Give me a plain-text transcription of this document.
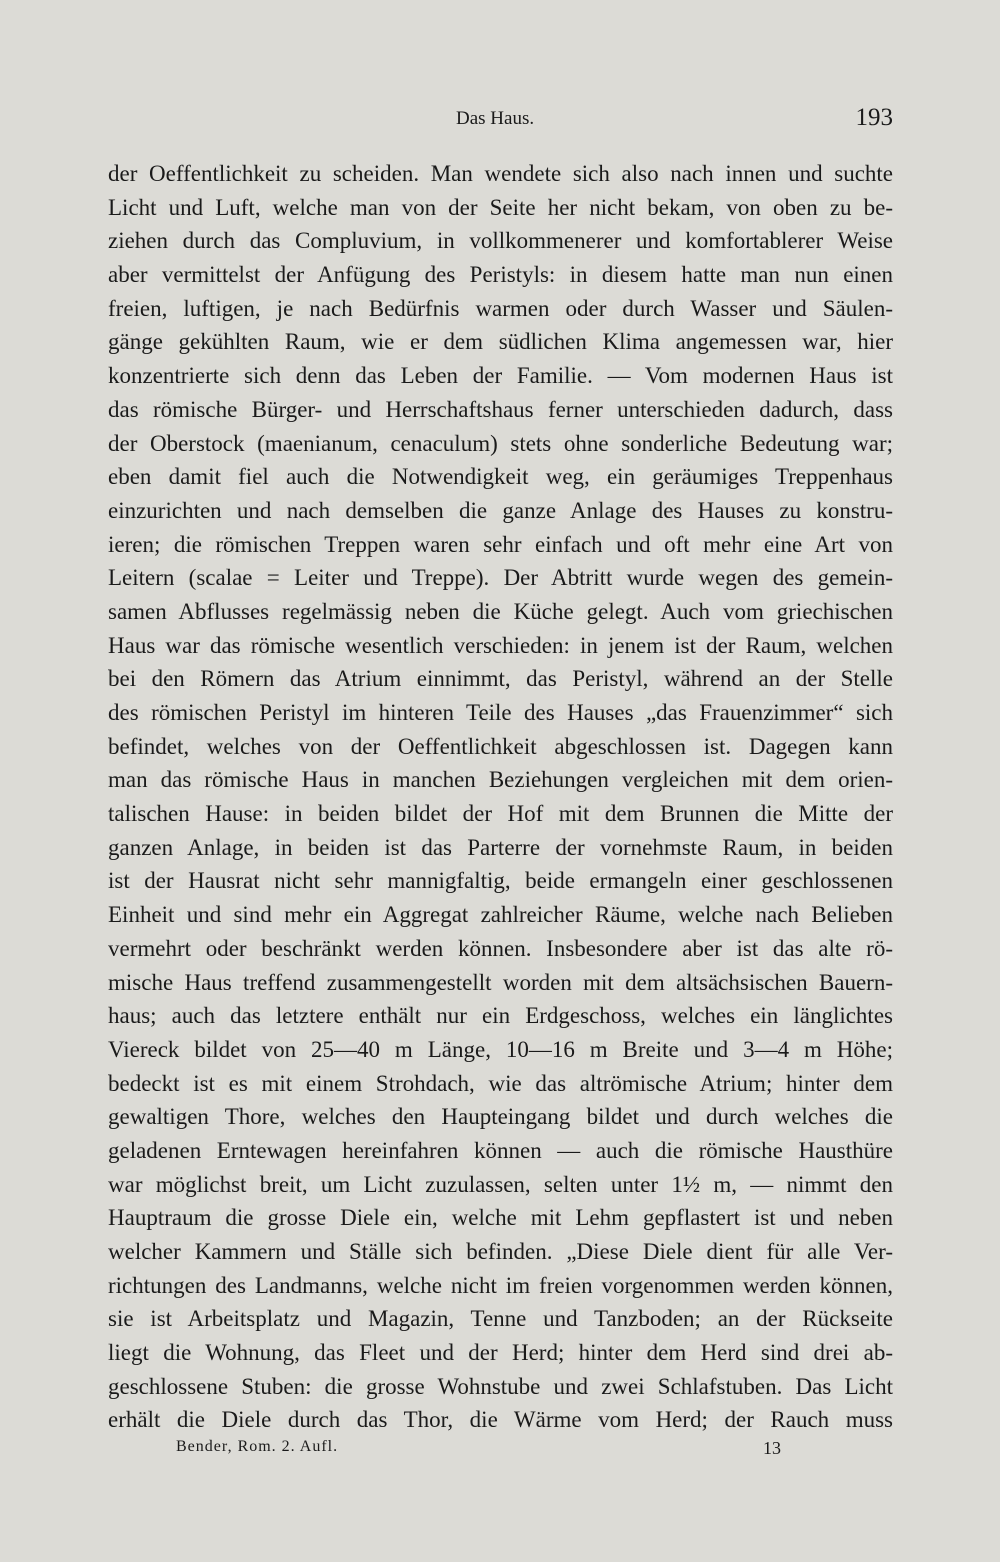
Das Haus.	193
der Oeffentlichkeit zu scheiden. Man wendete sich also nach innen und suchte
Licht und Luft, welche man von der Seite her nicht bekam, von oben zu be-
ziehen durch das Compluvium, in vollkommenerer und komfortablerer Weise
aber vermittelst der Anfügung des Peristyls: in diesem hatte man nun einen
freien, luftigen, je nach Bedürfnis warmen oder durch Wasser und Säulen-
gänge gekühlten Raum, wie er dem südlichen Klima angemessen war, hier
konzentrierte sich denn das Leben der Familie. — Vom modernen Haus ist
das römische Bürger- und Herrschaftshaus ferner unterschieden dadurch, dass
der Oberstock (maenianum, cenaculum) stets ohne sonderliche Bedeutung war;
eben damit fiel auch die Notwendigkeit weg, ein geräumiges Treppenhaus
einzurichten und nach demselben die ganze Anlage des Hauses zu konstru-
ieren; die römischen Treppen waren sehr einfach und oft mehr eine Art von
Leitern (scalae = Leiter und Treppe). Der Abtritt wurde wegen des gemein-
samen Abflusses regelmässig neben die Küche gelegt. Auch vom griechischen
Haus war das römische wesentlich verschieden: in jenem ist der Raum, welchen
bei den Römern das Atrium einnimmt, das Peristyl, während an der Stelle
des römischen Peristyl im hinteren Teile des Hauses „das Frauenzimmer“ sich
befindet, welches von der Oeffentlichkeit abgeschlossen ist. Dagegen kann
man das römische Haus in manchen Beziehungen vergleichen mit dem orien-
talischen Hause: in beiden bildet der Hof mit dem Brunnen die Mitte der
ganzen Anlage, in beiden ist das Parterre der vornehmste Raum, in beiden
ist der Hausrat nicht sehr mannigfaltig, beide ermangeln einer geschlossenen
Einheit und sind mehr ein Aggregat zahlreicher Räume, welche nach Belieben
vermehrt oder beschränkt werden können. Insbesondere aber ist das alte rö-
mische Haus treffend zusammengestellt worden mit dem altsächsischen Bauern-
haus; auch das letztere enthält nur ein Erdgeschoss, welches ein länglichtes
Viereck bildet von 25—40 m Länge, 10—16 m Breite und 3—4 m Höhe;
bedeckt ist es mit einem Strohdach, wie das altrömische Atrium; hinter dem
gewaltigen Thore, welches den Haupteingang bildet und durch welches die
geladenen Erntewagen hereinfahren können — auch die römische Hausthüre
war möglichst breit, um Licht zuzulassen, selten unter 1½ m, — nimmt den
Hauptraum die grosse Diele ein, welche mit Lehm gepflastert ist und neben
welcher Kammern und Ställe sich befinden. „Diese Diele dient für alle Ver-
richtungen des Landmanns, welche nicht im freien vorgenommen werden können,
sie ist Arbeitsplatz und Magazin, Tenne und Tanzboden; an der Rückseite
liegt die Wohnung, das Fleet und der Herd; hinter dem Herd sind drei ab-
geschlossene Stuben: die grosse Wohnstube und zwei Schlafstuben. Das Licht
erhält die Diele durch das Thor, die Wärme vom Herd; der Rauch muss
Bender, Rom. 2. Aufl.	13
